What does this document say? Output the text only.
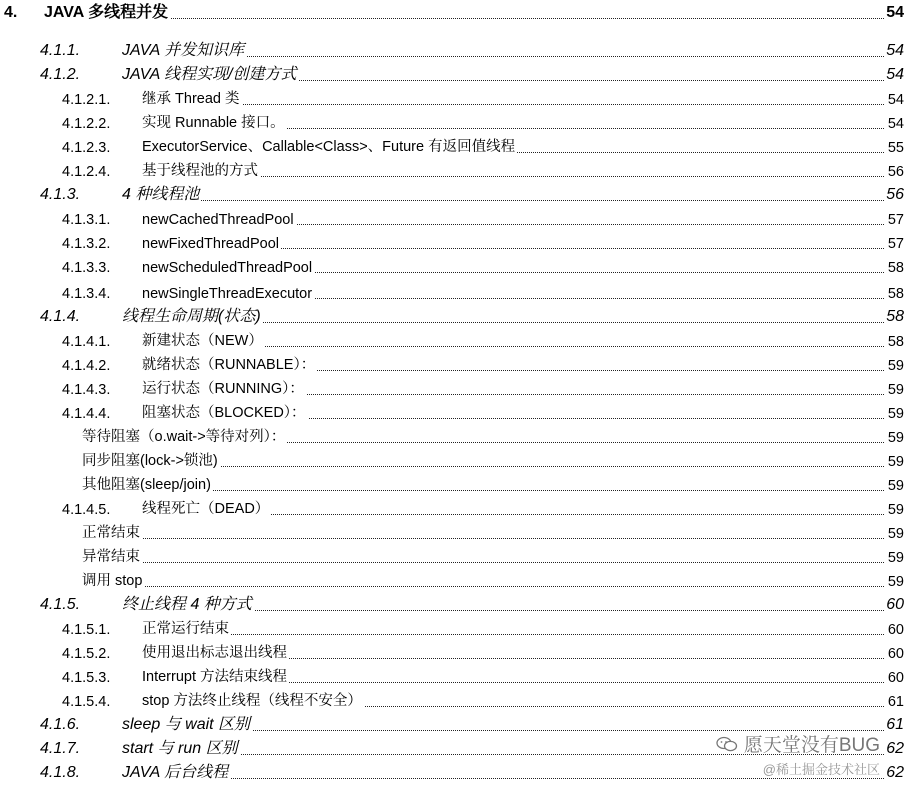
4. JAVA 多线程并发	54
4.1.1.	JAVA 并发知识库	54
4.1.2.	JAVA 线程实现/创建方式	54
4.1.2.1. 继承 Thread 类	54
4.1.2.2. 实现 Runnable 接口。	54
4.1.2.3. ExecutorService、Callable<Class>、Future 有返回值线程	55
4.1.2.4. 基于线程池的方式	56
4.1.3.	4 种线程池	56
4.1.3.1. newCachedThreadPool	57
4.1.3.2. newFixedThreadPool	57
4.1.3.3. newScheduledThreadPool	58
4.1.3.4. newSingleThreadExecutor	58
4.1.4.	线程生命周期(状态)	58
4.1.4.1. 新建状态（NEW）	58
4.1.4.2. 就绪状态（RUNNABLE）：	59
4.1.4.3. 运行状态（RUNNING）：	59
4.1.4.4. 阻塞状态（BLOCKED）：	59
等待阻塞（o.wait->等待对列）：	59
同步阻塞(lock->锁池)	59
其他阻塞(sleep/join)	59
4.1.4.5. 线程死亡（DEAD）	59
正常结束	59
异常结束	59
调用 stop	59
4.1.5.	终止线程 4 种方式	60
4.1.5.1. 正常运行结束	60
4.1.5.2. 使用退出标志退出线程	60
4.1.5.3. Interrupt 方法结束线程	60
4.1.5.4. stop 方法终止线程（线程不安全）	61
4.1.6.	sleep 与 wait 区别	61
4.1.7.	start 与 run 区别	62
4.1.8.	JAVA 后台线程	62
愿天堂没有BUG
@稀土掘金技术社区
